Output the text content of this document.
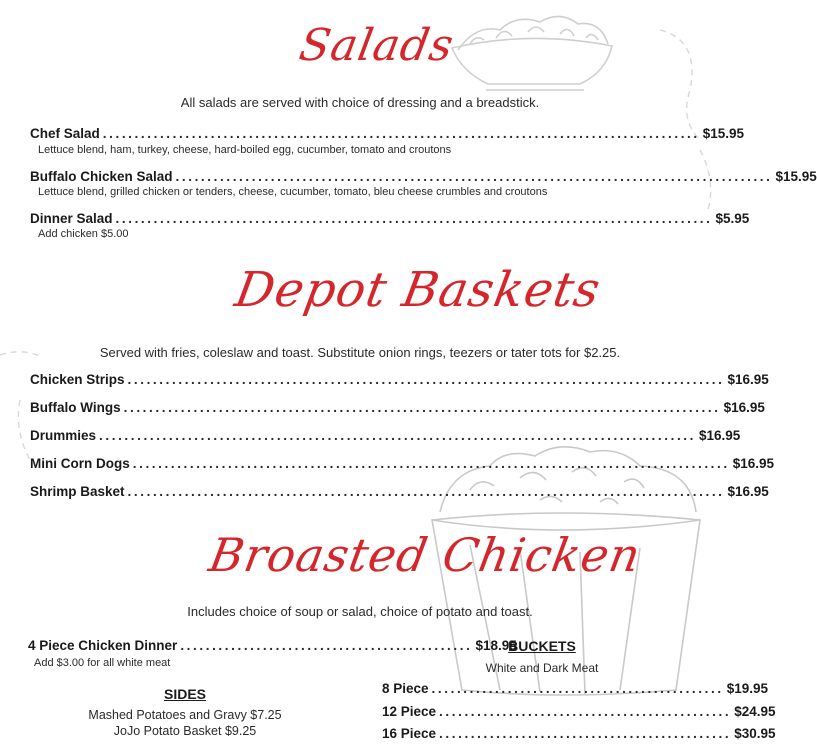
Salads
All salads are served with choice of dressing and a breadstick.
Chef Salad .............................................................................................. $15.95
Lettuce blend, ham, turkey, cheese, hard-boiled egg, cucumber, tomato and croutons
Buffalo Chicken Salad .............................................................................................. $15.95
Lettuce blend, grilled chicken or tenders, cheese, cucumber, tomato, bleu cheese crumbles and croutons
Dinner Salad .............................................................................................. $5.95
Add chicken $5.00
Depot Baskets
Served with fries, coleslaw and toast. Substitute onion rings, teezers or tater tots for $2.25.
Chicken Strips .............................................................................................. $16.95
Buffalo Wings .............................................................................................. $16.95
Drummies .............................................................................................. $16.95
Mini Corn Dogs .............................................................................................. $16.95
Shrimp Basket .............................................................................................. $16.95
Broasted Chicken
Includes choice of soup or salad, choice of potato and toast.
4 Piece Chicken Dinner .............................................. $18.95
Add $3.00 for all white meat
SIDES
Mashed Potatoes and Gravy $7.25
JoJo Potato Basket $9.25
BUCKETS
White and Dark Meat
8 Piece .............................................. $19.95
12 Piece .............................................. $24.95
16 Piece .............................................. $30.95
